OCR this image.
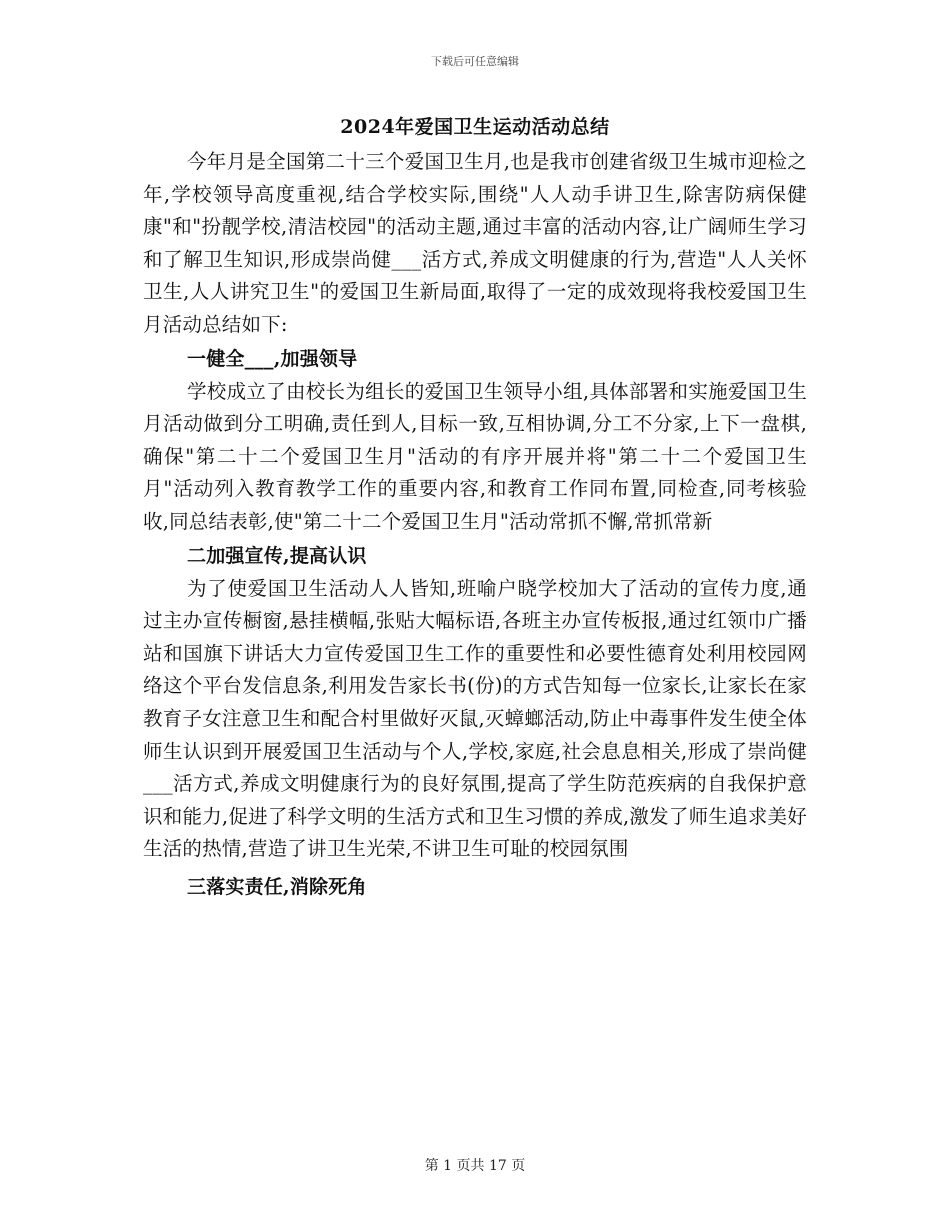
下载后可任意编辑
2024年爱国卫生运动活动总结

今年月是全国第二十三个爱国卫生月,也是我市创建省级卫生城市迎检之年,学校领导高度重视,结合学校实际,围绕"人人动手讲卫生,除害防病保健康"和"扮靓学校,清洁校园"的活动主题,通过丰富的活动内容,让广阔师生学习和了解卫生知识,形成崇尚健___活方式,养成文明健康的行为,营造"人人关怀卫生,人人讲究卫生"的爱国卫生新局面,取得了一定的成效现将我校爱国卫生月活动总结如下:

一健全___,加强领导

学校成立了由校长为组长的爱国卫生领导小组,具体部署和实施爱国卫生月活动做到分工明确,责任到人,目标一致,互相协调,分工不分家,上下一盘棋,确保"第二十二个爱国卫生月"活动的有序开展并将"第二十二个爱国卫生月"活动列入教育教学工作的重要内容,和教育工作同布置,同检查,同考核验收,同总结表彰,使"第二十二个爱国卫生月"活动常抓不懈,常抓常新

二加强宣传,提高认识

为了使爱国卫生活动人人皆知,班喻户晓学校加大了活动的宣传力度,通过主办宣传橱窗,悬挂横幅,张贴大幅标语,各班主办宣传板报,通过红领巾广播站和国旗下讲话大力宣传爱国卫生工作的重要性和必要性德育处利用校园网络这个平台发信息条,利用发告家长书(份)的方式告知每一位家长,让家长在家教育子女注意卫生和配合村里做好灭鼠,灭蟑螂活动,防止中毒事件发生使全体师生认识到开展爱国卫生活动与个人,学校,家庭,社会息息相关,形成了崇尚健___活方式,养成文明健康行为的良好氛围,提高了学生防范疾病的自我保护意识和能力,促进了科学文明的生活方式和卫生习惯的养成,激发了师生追求美好生活的热情,营造了讲卫生光荣,不讲卫生可耻的校园氛围

三落实责任,消除死角

第 1 页共 17 页
